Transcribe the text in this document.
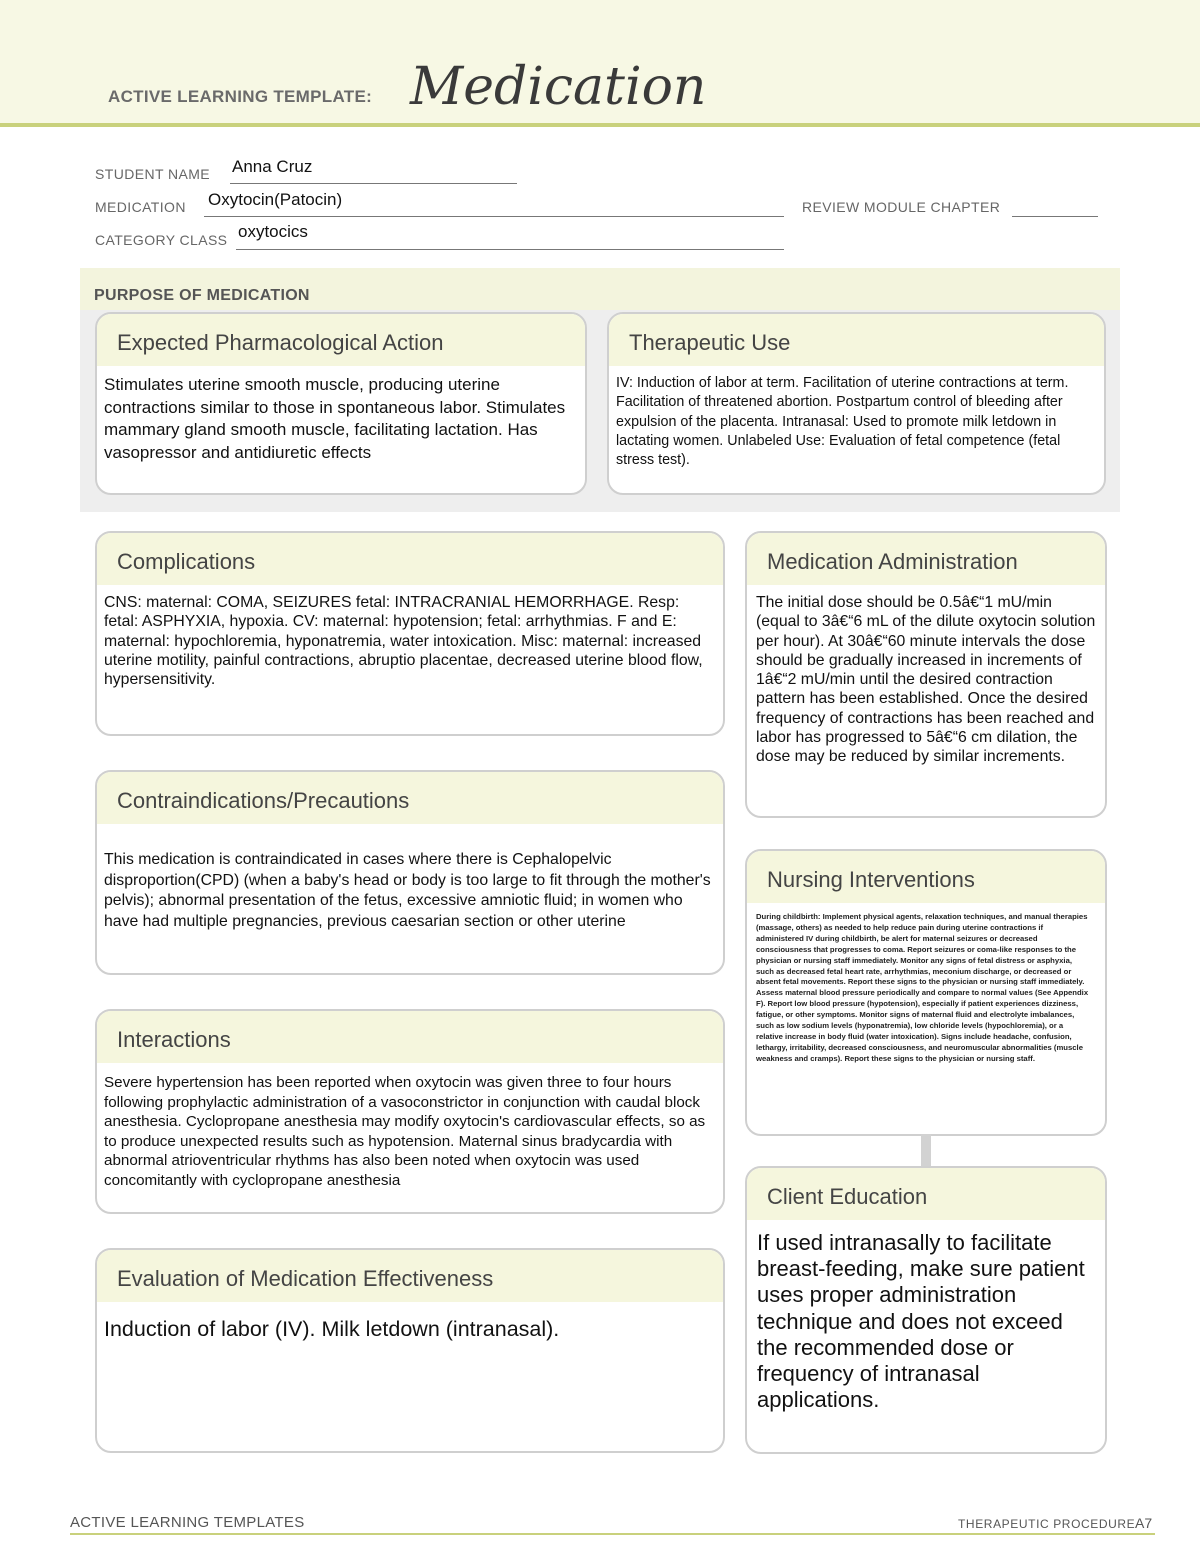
ACTIVE LEARNING TEMPLATE: Medication
STUDENT NAME Anna Cruz
MEDICATION Oxytocin(Patocin)	REVIEW MODULE CHAPTER
CATEGORY CLASS oxytocics
PURPOSE OF MEDICATION
Expected Pharmacological Action
Stimulates uterine smooth muscle, producing uterine contractions similar to those in spontaneous labor. Stimulates mammary gland smooth muscle, facilitating lactation. Has vasopressor and antidiuretic effects
Therapeutic Use
IV: Induction of labor at term. Facilitation of uterine contractions at term. Facilitation of threatened abortion. Postpartum control of bleeding after expulsion of the placenta. Intranasal: Used to promote milk letdown in lactating women. Unlabeled Use: Evaluation of fetal competence (fetal stress test).
Complications
CNS: maternal: COMA, SEIZURES fetal: INTRACRANIAL HEMORRHAGE. Resp: fetal: ASPHYXIA, hypoxia. CV: maternal: hypotension; fetal: arrhythmias. F and E: maternal: hypochloremia, hyponatremia, water intoxication. Misc: maternal: increased uterine motility, painful contractions, abruptio placentae, decreased uterine blood flow, hypersensitivity.
Medication Administration
The initial dose should be 0.5â€“1 mU/min (equal to 3â€“6 mL of the dilute oxytocin solution per hour). At 30â€“60 minute intervals the dose should be gradually increased in increments of 1â€“2 mU/min until the desired contraction pattern has been established. Once the desired frequency of contractions has been reached and labor has progressed to 5â€“6 cm dilation, the dose may be reduced by similar increments.
Contraindications/Precautions
This medication is contraindicated in cases where there is Cephalopelvic disproportion(CPD) (when a baby's head or body is too large to fit through the mother's pelvis); abnormal presentation of the fetus, excessive amniotic fluid; in women who have had multiple pregnancies, previous caesarian section or other uterine
Nursing Interventions
During childbirth: Implement physical agents, relaxation techniques, and manual therapies (massage, others) as needed to help reduce pain during uterine contractions if administered IV during childbirth, be alert for maternal seizures or decreased consciousness that progresses to coma. Report seizures or coma-like responses to the physician or nursing staff immediately. Monitor any signs of fetal distress or asphyxia, such as decreased fetal heart rate, arrhythmias, meconium discharge, or decreased or absent fetal movements. Report these signs to the physician or nursing staff immediately. Assess maternal blood pressure periodically and compare to normal values (See Appendix F). Report low blood pressure (hypotension), especially if patient experiences dizziness, fatigue, or other symptoms. Monitor signs of maternal fluid and electrolyte imbalances, such as low sodium levels (hyponatremia), low chloride levels (hypochloremia), or a relative increase in body fluid (water intoxication). Signs include headache, confusion, lethargy, irritability, decreased consciousness, and neuromuscular abnormalities (muscle weakness and cramps). Report these signs to the physician or nursing staff.
Interactions
Severe hypertension has been reported when oxytocin was given three to four hours following prophylactic administration of a vasoconstrictor in conjunction with caudal block anesthesia. Cyclopropane anesthesia may modify oxytocin's cardiovascular effects, so as to produce unexpected results such as hypotension. Maternal sinus bradycardia with abnormal atrioventricular rhythms has also been noted when oxytocin was used concomitantly with cyclopropane anesthesia
Client Education
If used intranasally to facilitate breast-feeding, make sure patient uses proper administration technique and does not exceed the recommended dose or frequency of intranasal applications.
Evaluation of Medication Effectiveness
Induction of labor (IV). Milk letdown (intranasal).
ACTIVE LEARNING TEMPLATES	THERAPEUTIC PROCEDURE A7
